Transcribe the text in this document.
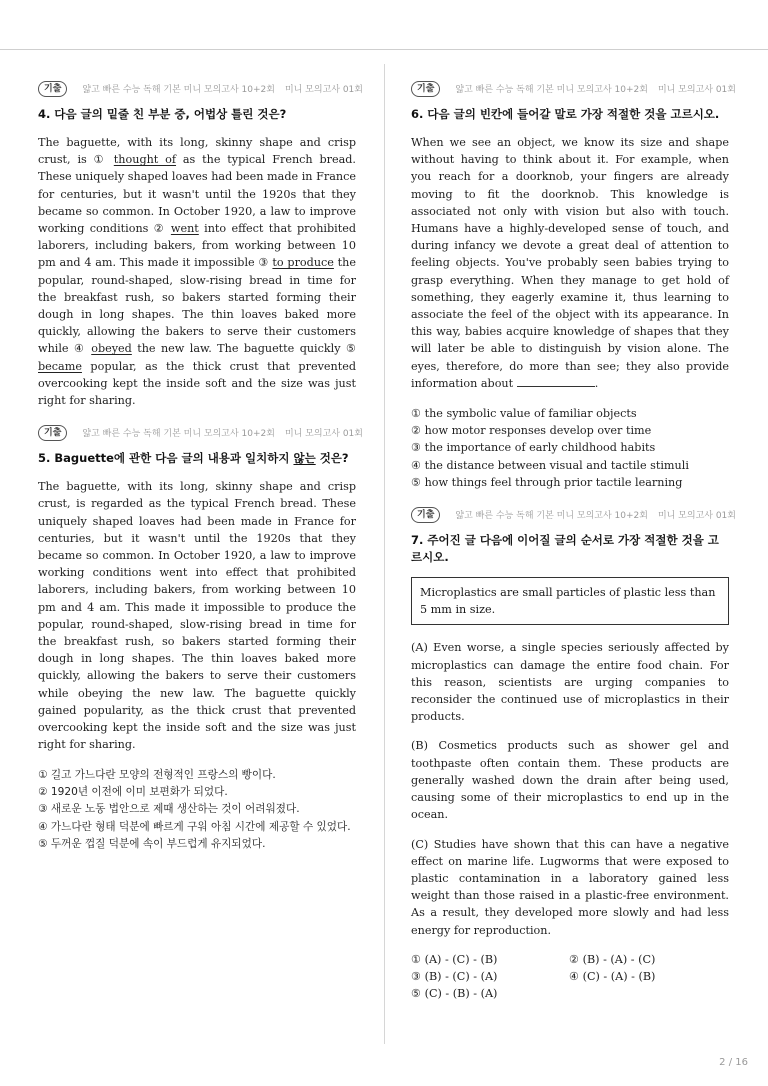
기출	얇고 빠른 수능 독해 기본 미니 모의고사 10+2회 미니 모의고사 01회
4. 다음 글의 밑줄 친 부분 중, 어법상 틀린 것은?
The baguette, with its long, skinny shape and crisp crust, is ① thought of as the typical French bread. These uniquely shaped loaves had been made in France for centuries, but it wasn't until the 1920s that they became so common. In October 1920, a law to improve working conditions ② went into effect that prohibited laborers, including bakers, from working between 10 pm and 4 am. This made it impossible ③ to produce the popular, round-shaped, slow-rising bread in time for the breakfast rush, so bakers started forming their dough in long shapes. The thin loaves baked more quickly, allowing the bakers to serve their customers while ④ obeyed the new law. The baguette quickly ⑤ became popular, as the thick crust that prevented overcooking kept the inside soft and the size was just right for sharing.
기출	얇고 빠른 수능 독해 기본 미니 모의고사 10+2회 미니 모의고사 01회
5. Baguette에 관한 다음 글의 내용과 일치하지 않는 것은?
The baguette, with its long, skinny shape and crisp crust, is regarded as the typical French bread. These uniquely shaped loaves had been made in France for centuries, but it wasn't until the 1920s that they became so common. In October 1920, a law to improve working conditions went into effect that prohibited laborers, including bakers, from working between 10 pm and 4 am. This made it impossible to produce the popular, round-shaped, slow-rising bread in time for the breakfast rush, so bakers started forming their dough in long shapes. The thin loaves baked more quickly, allowing the bakers to serve their customers while obeying the new law. The baguette quickly gained popularity, as the thick crust that prevented overcooking kept the inside soft and the size was just right for sharing.
① 길고 가느다란 모양의 전형적인 프랑스의 빵이다.
② 1920년 이전에 이미 보편화가 되었다.
③ 새로운 노동 법안으로 제때 생산하는 것이 어려워졌다.
④ 가느다란 형태 덕분에 빠르게 구워 아침 시간에 제공할 수 있었다.
⑤ 두꺼운 껍질 덕분에 속이 부드럽게 유지되었다.
기출	얇고 빠른 수능 독해 기본 미니 모의고사 10+2회 미니 모의고사 01회
6. 다음 글의 빈칸에 들어갈 말로 가장 적절한 것을 고르시오.
When we see an object, we know its size and shape without having to think about it. For example, when you reach for a doorknob, your fingers are already moving to fit the doorknob. This knowledge is associated not only with vision but also with touch. Humans have a highly-developed sense of touch, and during infancy we devote a great deal of attention to feeling objects. You've probably seen babies trying to grasp everything. When they manage to get hold of something, they eagerly examine it, thus learning to associate the feel of the object with its appearance. In this way, babies acquire knowledge of shapes that they will later be able to distinguish by vision alone. The eyes, therefore, do more than see; they also provide information about	.
① the symbolic value of familiar objects
② how motor responses develop over time
③ the importance of early childhood habits
④ the distance between visual and tactile stimuli
⑤ how things feel through prior tactile learning
기출	얇고 빠른 수능 독해 기본 미니 모의고사 10+2회 미니 모의고사 01회
7. 주어진 글 다음에 이어질 글의 순서로 가장 적절한 것을 고르시오.
Microplastics are small particles of plastic less than 5 mm in size.
(A) Even worse, a single species seriously affected by microplastics can damage the entire food chain. For this reason, scientists are urging companies to reconsider the continued use of microplastics in their products.
(B) Cosmetics products such as shower gel and toothpaste often contain them. These products are generally washed down the drain after being used, causing some of their microplastics to end up in the ocean.
(C) Studies have shown that this can have a negative effect on marine life. Lugworms that were exposed to plastic contamination in a laboratory gained less weight than those raised in a plastic-free environment. As a result, they developed more slowly and had less energy for reproduction.
① (A) - (C) - (B)	② (B) - (A) - (C)
③ (B) - (C) - (A)	④ (C) - (A) - (B)
⑤ (C) - (B) - (A)
2 / 16
